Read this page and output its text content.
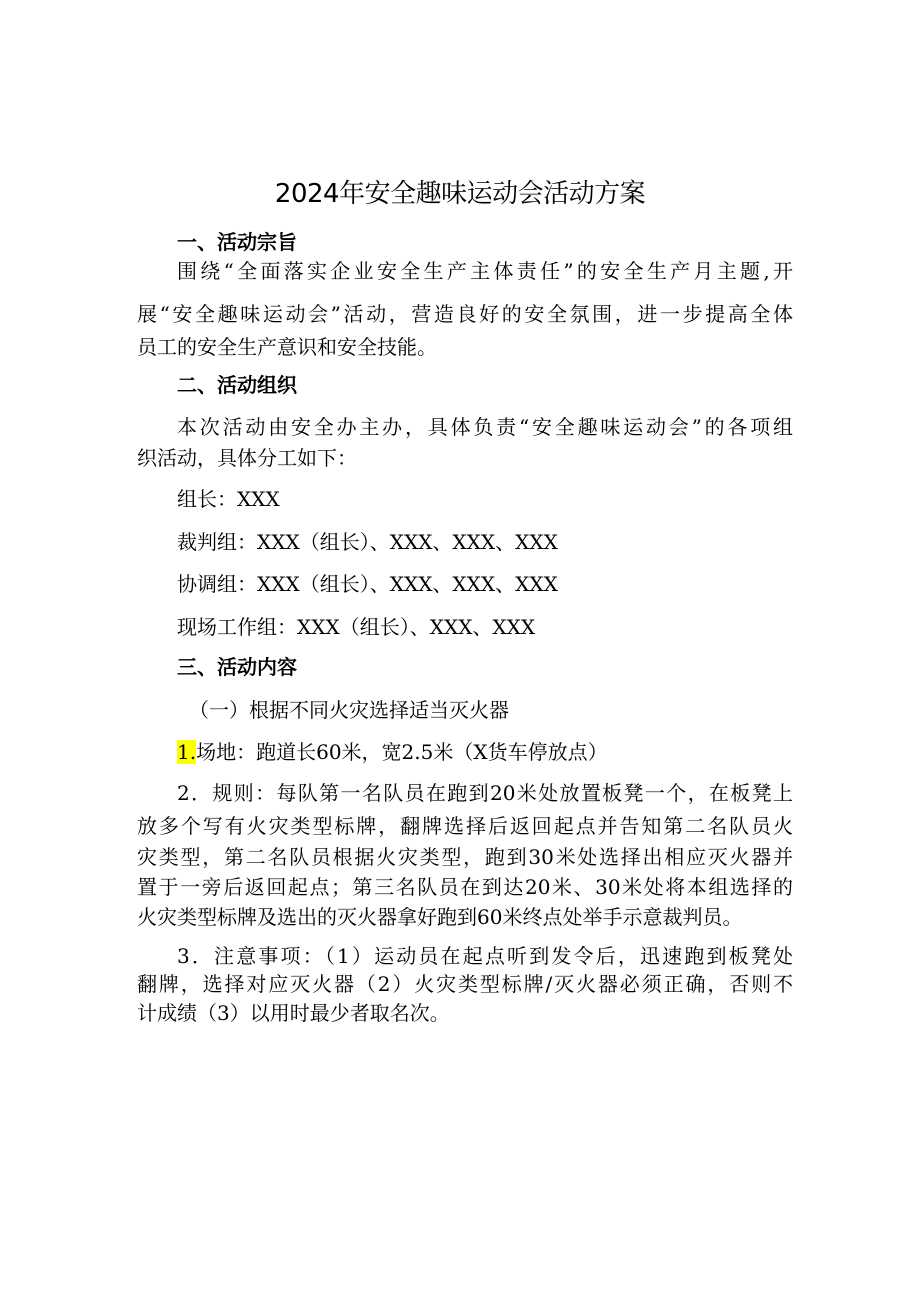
2024年安全趣味运动会活动方案
一、活动宗旨
围绕“全面落实企业安全生产主体责任”的安全生产月主题,开
展“安全趣味运动会”活动，营造良好的安全氛围，进一步提高全体
员工的安全生产意识和安全技能。
二、活动组织
本次活动由安全办主办，具体负责“安全趣味运动会”的各项组
织活动，具体分工如下：
组长：XXX
裁判组：XXX（组长）、XXX、XXX、XXX
协调组：XXX（组长）、XXX、XXX、XXX
现场工作组：XXX（组长）、XXX、XXX
三、活动内容
（一）根据不同火灾选择适当灭火器
1.场地：跑道长60米，宽2.5米（X货车停放点）
2．规则：每队第一名队员在跑到20米处放置板凳一个，在板凳上
放多个写有火灾类型标牌，翻牌选择后返回起点并告知第二名队员火
灾类型，第二名队员根据火灾类型，跑到30米处选择出相应灭火器并
置于一旁后返回起点；第三名队员在到达20米、30米处将本组选择的
火灾类型标牌及选出的灭火器拿好跑到60米终点处举手示意裁判员。
3．注意事项：（1）运动员在起点听到发令后，迅速跑到板凳处
翻牌，选择对应灭火器（2）火灾类型标牌/灭火器必须正确，否则不
计成绩（3）以用时最少者取名次。
